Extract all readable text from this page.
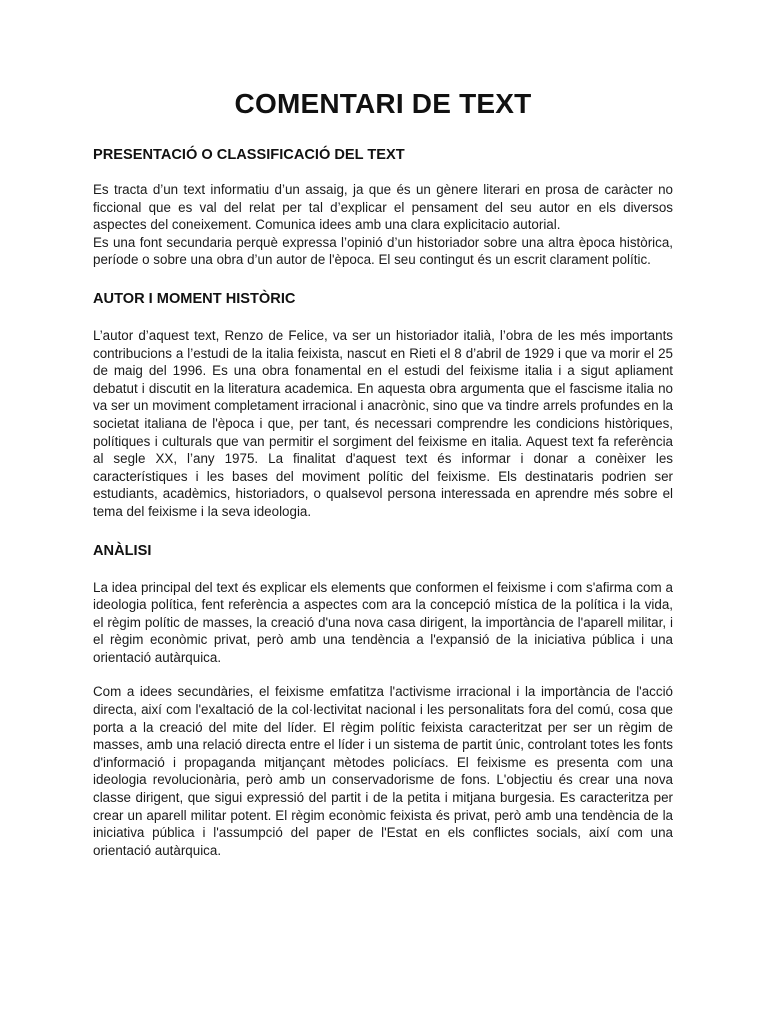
COMENTARI DE TEXT
PRESENTACIÓ O CLASSIFICACIÓ DEL TEXT

Es tracta d’un text informatiu d’un assaig, ja que és un gènere literari en prosa de caràcter no ficcional que es val del relat per tal d’explicar el pensament del seu autor en els diversos aspectes del coneixement. Comunica idees amb una clara explicitacio autorial.
Es una font secundaria perquè expressa l’opinió d’un historiador sobre una altra època històrica, període o sobre una obra d’un autor de l'època. El seu contingut és un escrit clarament polític.

AUTOR I MOMENT HISTÒRIC

L’autor d’aquest text, Renzo de Felice, va ser un historiador italià, l’obra de les més importants contribucions a l’estudi de la italia feixista, nascut en Rieti el 8 d’abril de 1929 i que va morir el 25 de maig del 1996. Es una obra fonamental en el estudi del feixisme italia i a sigut apliament debatut i discutit en la literatura academica. En aquesta obra argumenta que el fascisme italia no va ser un moviment completament irracional i anacrònic, sino que va tindre arrels profundes en la societat italiana de l'època i que, per tant, és necessari comprendre les condicions històriques, polítiques i culturals que van permitir el sorgiment del feixisme en italia. Aquest text fa referència al segle XX, l’any 1975. La finalitat d'aquest text és informar i donar a conèixer les característiques i les bases del moviment polític del feixisme. Els destinataris podrien ser estudiants, acadèmics, historiadors, o qualsevol persona interessada en aprendre més sobre el tema del feixisme i la seva ideologia.

ANÀLISI

La idea principal del text és explicar els elements que conformen el feixisme i com s'afirma com a ideologia política, fent referència a aspectes com ara la concepció mística de la política i la vida, el règim polític de masses, la creació d'una nova casa dirigent, la importància de l'aparell militar, i el règim econòmic privat, però amb una tendència a l'expansió de la iniciativa pública i una orientació autàrquica.

Com a idees secundàries, el feixisme emfatitza l'activisme irracional i la importància de l'acció directa, així com l'exaltació de la col·lectivitat nacional i les personalitats fora del comú, cosa que porta a la creació del mite del líder. El règim polític feixista caracteritzat per ser un règim de masses, amb una relació directa entre el líder i un sistema de partit únic, controlant totes les fonts d'informació i propaganda mitjançant mètodes policíacs. El feixisme es presenta com una ideologia revolucionària, però amb un conservadorisme de fons. L'objectiu és crear una nova classe dirigent, que sigui expressió del partit i de la petita i mitjana burgesia. Es caracteritza per crear un aparell militar potent. El règim econòmic feixista és privat, però amb una tendència de la iniciativa pública i l'assumpció del paper de l'Estat en els conflictes socials, així com una orientació autàrquica.
